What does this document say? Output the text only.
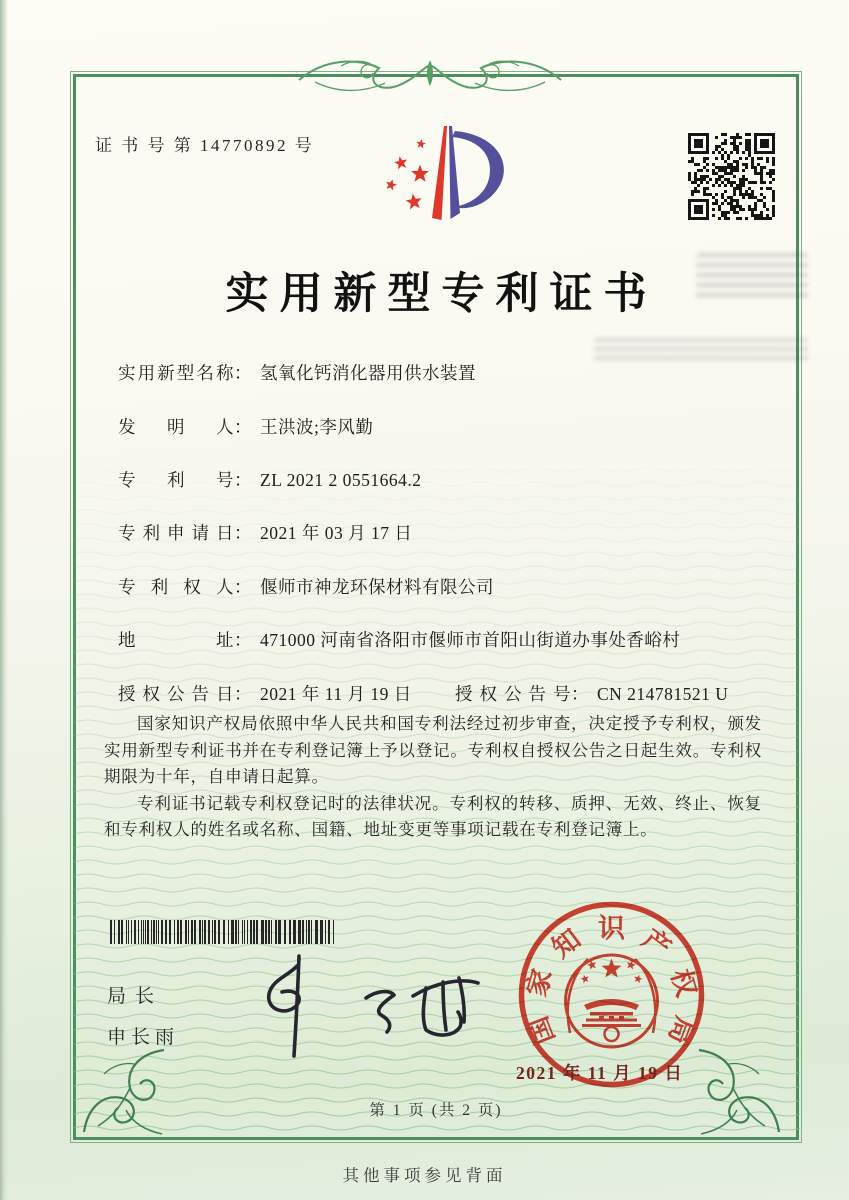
证 书 号 第 14770892 号
实用新型专利证书
实用新型名称： 氢氧化钙消化器用供水装置
发明人： 王洪波;李风勤
专利号： ZL 2021 2 0551664.2
专利申请日： 2021 年 03 月 17 日
专利权人： 偃师市神龙环保材料有限公司
地址： 471000 河南省洛阳市偃师市首阳山街道办事处香峪村
授权公告日： 2021 年 11 月 19 日 授权公告号： CN 214781521 U

国家知识产权局依照中华人民共和国专利法经过初步审查，决定授予专利权，颁发实用新型专利证书并在专利登记簿上予以登记。专利权自授权公告之日起生效。专利权期限为十年，自申请日起算。

专利证书记载专利权登记时的法律状况。专利权的转移、质押、无效、终止、恢复和专利权人的姓名或名称、国籍、地址变更等事项记载在专利登记簿上。

局长
申长雨	国
家
知 识 产
权
局
2021 年 11 月 19 日
第 1 页 (共 2 页)
其他事项参见背面
